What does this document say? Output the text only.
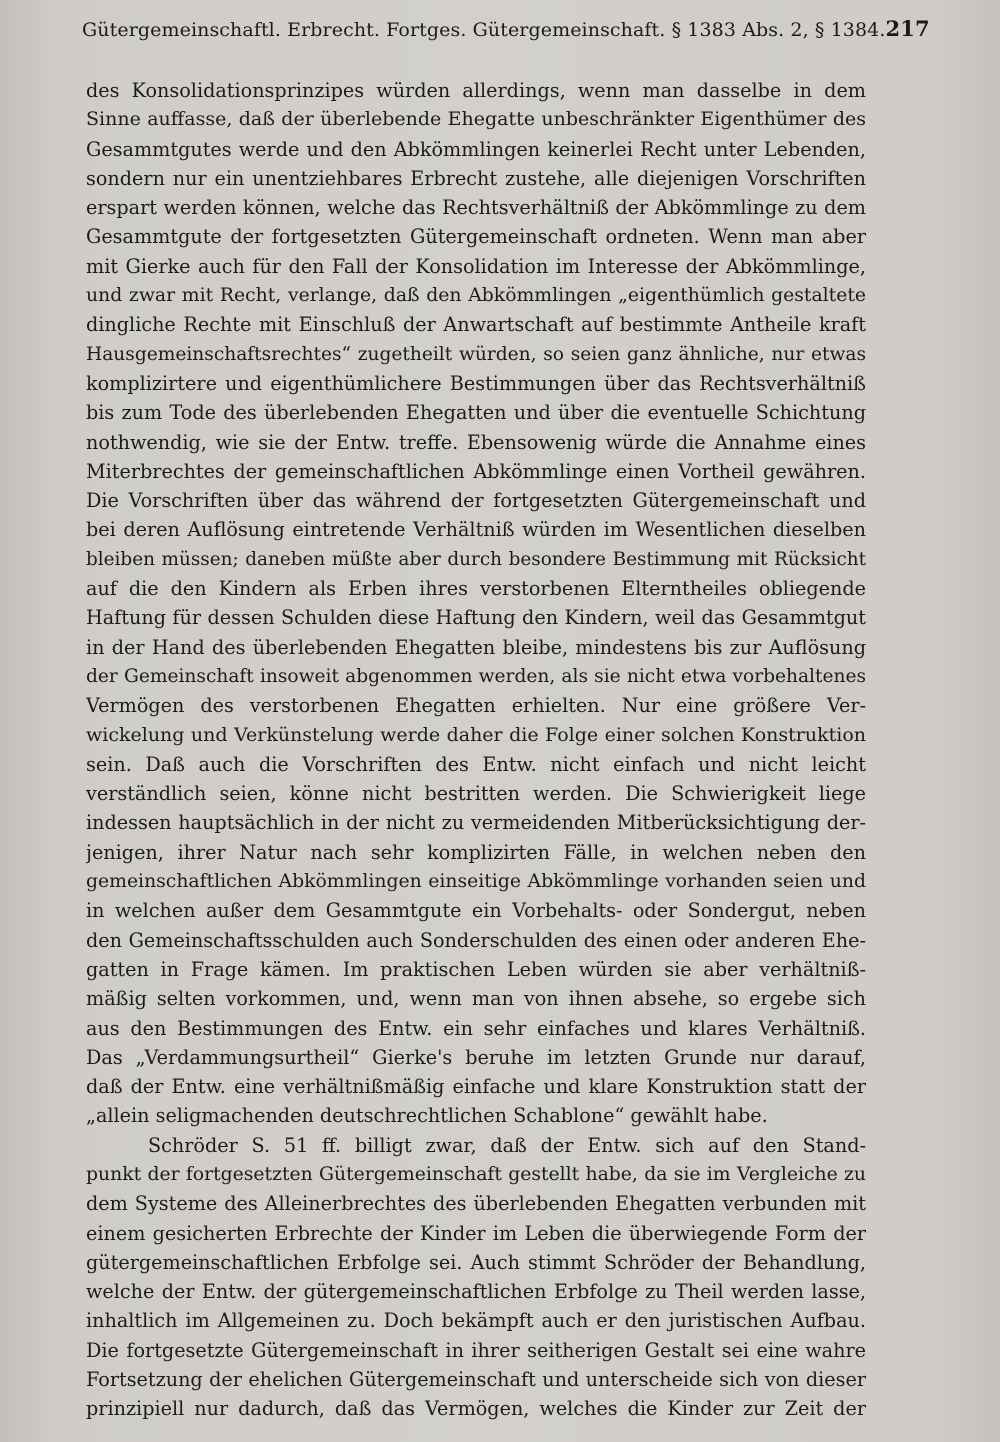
Gütergemeinschaftl. Erbrecht. Fortges. Gütergemeinschaft. § 1383 Abs. 2, § 1384. 217
des Konsolidationsprinzipes würden allerdings, wenn man dasselbe in dem
Sinne auffasse, daß der überlebende Ehegatte unbeschränkter Eigenthümer des
Gesammtgutes werde und den Abkömmlingen keinerlei Recht unter Lebenden,
sondern nur ein unentziehbares Erbrecht zustehe, alle diejenigen Vorschriften
erspart werden können, welche das Rechtsverhältniß der Abkömmlinge zu dem
Gesammtgute der fortgesetzten Gütergemeinschaft ordneten. Wenn man aber
mit Gierke auch für den Fall der Konsolidation im Interesse der Abkömmlinge,
und zwar mit Recht, verlange, daß den Abkömmlingen „eigenthümlich gestaltete
dingliche Rechte mit Einschluß der Anwartschaft auf bestimmte Antheile kraft
Hausgemeinschaftsrechtes“ zugetheilt würden, so seien ganz ähnliche, nur etwas
komplizirtere und eigenthümlichere Bestimmungen über das Rechtsverhältniß
bis zum Tode des überlebenden Ehegatten und über die eventuelle Schichtung
nothwendig, wie sie der Entw. treffe. Ebensowenig würde die Annahme eines
Miterbrechtes der gemeinschaftlichen Abkömmlinge einen Vortheil gewähren.
Die Vorschriften über das während der fortgesetzten Gütergemeinschaft und
bei deren Auflösung eintretende Verhältniß würden im Wesentlichen dieselben
bleiben müssen; daneben müßte aber durch besondere Bestimmung mit Rücksicht
auf die den Kindern als Erben ihres verstorbenen Elterntheiles obliegende
Haftung für dessen Schulden diese Haftung den Kindern, weil das Gesammtgut
in der Hand des überlebenden Ehegatten bleibe, mindestens bis zur Auflösung
der Gemeinschaft insoweit abgenommen werden, als sie nicht etwa vorbehaltenes
Vermögen des verstorbenen Ehegatten erhielten. Nur eine größere Ver-
wickelung und Verkünstelung werde daher die Folge einer solchen Konstruktion
sein. Daß auch die Vorschriften des Entw. nicht einfach und nicht leicht
verständlich seien, könne nicht bestritten werden. Die Schwierigkeit liege
indessen hauptsächlich in der nicht zu vermeidenden Mitberücksichtigung der-
jenigen, ihrer Natur nach sehr komplizirten Fälle, in welchen neben den
gemeinschaftlichen Abkömmlingen einseitige Abkömmlinge vorhanden seien und
in welchen außer dem Gesammtgute ein Vorbehalts- oder Sondergut, neben
den Gemeinschaftsschulden auch Sonderschulden des einen oder anderen Ehe-
gatten in Frage kämen. Im praktischen Leben würden sie aber verhältniß-
mäßig selten vorkommen, und, wenn man von ihnen absehe, so ergebe sich
aus den Bestimmungen des Entw. ein sehr einfaches und klares Verhältniß.
Das „Verdammungsurtheil“ Gierke's beruhe im letzten Grunde nur darauf,
daß der Entw. eine verhältnißmäßig einfache und klare Konstruktion statt der
„allein seligmachenden deutschrechtlichen Schablone“ gewählt habe.
Schröder S. 51 ff. billigt zwar, daß der Entw. sich auf den Stand-
punkt der fortgesetzten Gütergemeinschaft gestellt habe, da sie im Vergleiche zu
dem Systeme des Alleinerbrechtes des überlebenden Ehegatten verbunden mit
einem gesicherten Erbrechte der Kinder im Leben die überwiegende Form der
gütergemeinschaftlichen Erbfolge sei. Auch stimmt Schröder der Behandlung,
welche der Entw. der gütergemeinschaftlichen Erbfolge zu Theil werden lasse,
inhaltlich im Allgemeinen zu. Doch bekämpft auch er den juristischen Aufbau.
Die fortgesetzte Gütergemeinschaft in ihrer seitherigen Gestalt sei eine wahre
Fortsetzung der ehelichen Gütergemeinschaft und unterscheide sich von dieser
prinzipiell nur dadurch, daß das Vermögen, welches die Kinder zur Zeit der
